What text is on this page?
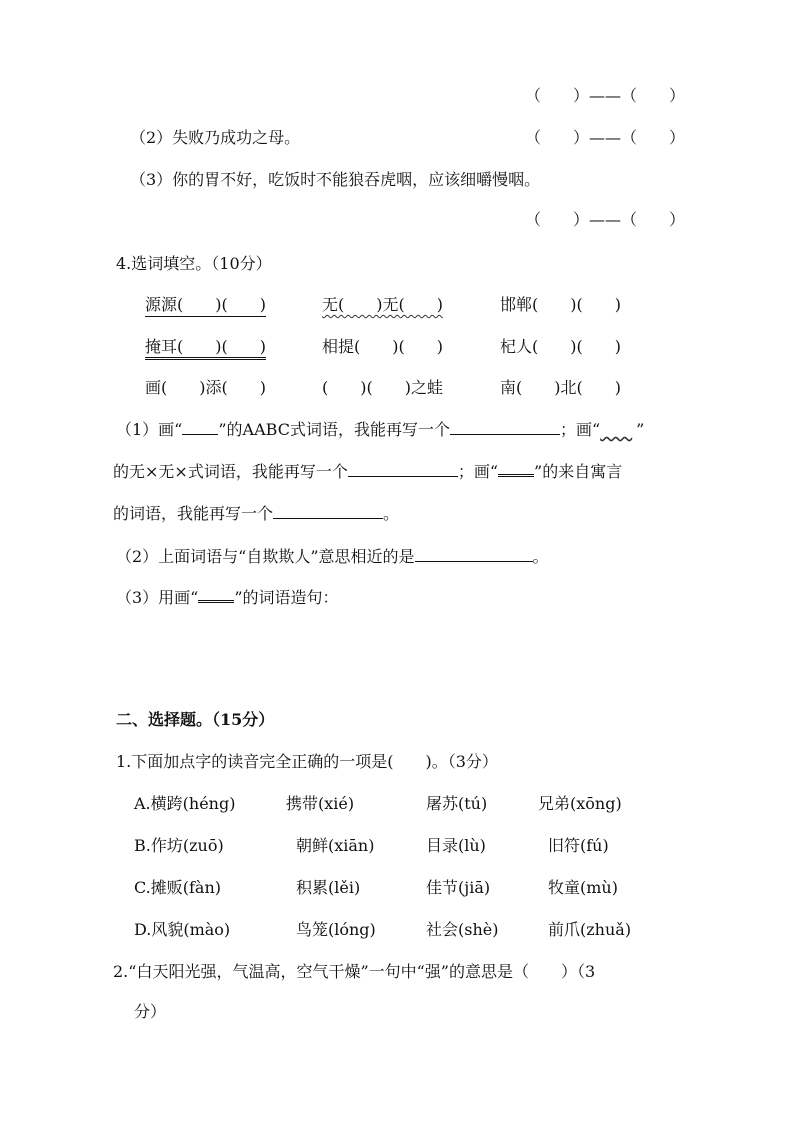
（　　）——（　　）
（2）失败乃成功之母。	（　　）——（　　）
（3）你的胃不好，吃饭时不能狼吞虎咽，应该细嚼慢咽。
（　　）——（　　）
4.选词填空。（10分）
源源(　　)(　　)	无(　　)无(　　)	邯郸(　　)(　　)
掩耳(　　)(　　)	相提(　　)(　　)	杞人(　　)(　　)
画(　　)添(　　)	(　　)(　　)之蛙	南(　　)北(　　)
（1）画“ ”的AABC式词语，我能再写一个	；画“　　 ”
的无×无×式词语，我能再写一个	；画“ ”的来自寓言
的词语，我能再写一个	。
（2）上面词语与“自欺欺人”意思相近的是	。
（3）用画“ ”的词语造句：
二、选择题。（15分）
1.下面加点字的读音完全正确的一项是(　　)。（3分）
A.横跨(héng)	携带(xié)	屠苏(tú)	兄弟(xōng)
B.作坊(zuō)	朝鲜(xiān)	目录(lù)	旧符(fú)
C.摊贩(fàn)	积累(lěi)	佳节(jiā)	牧童(mù)
D.风貌(mào)	鸟笼(lóng)	社会(shè)	前爪(zhuǎ)
2.“白天阳光强，气温高，空气干燥”一句中“强”的意思是（　　）（3
分）
